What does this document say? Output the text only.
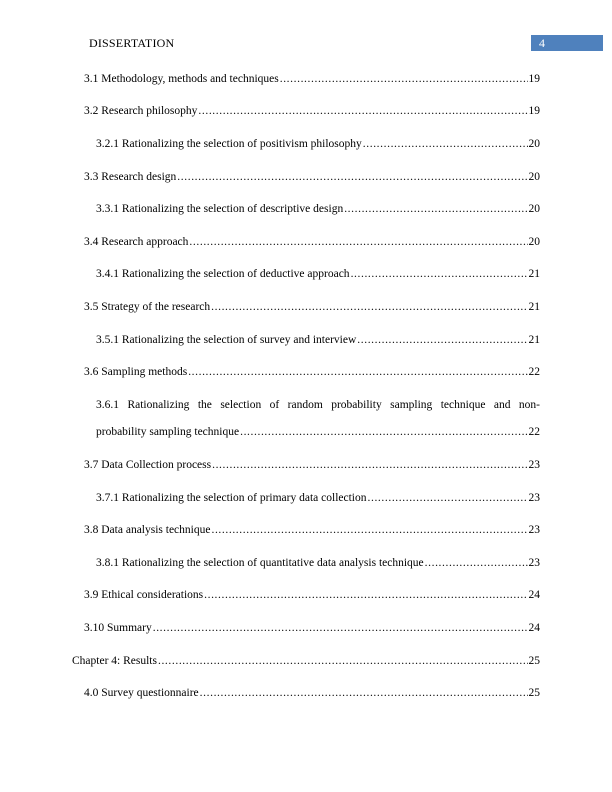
DISSERTATION	4
3.1 Methodology, methods and techniques .....	19
3.2 Research philosophy .....	19
3.2.1 Rationalizing the selection of positivism philosophy .....	20
3.3 Research design .....	20
3.3.1 Rationalizing the selection of descriptive design .....	20
3.4 Research approach .....	20
3.4.1 Rationalizing the selection of deductive approach .....	21
3.5 Strategy of the research .....	21
3.5.1 Rationalizing the selection of survey and interview .....	21
3.6 Sampling methods .....	22
3.6.1 Rationalizing the selection of random probability sampling technique and non-
probability sampling technique .....	22
3.7 Data Collection process .....	23
3.7.1 Rationalizing the selection of primary data collection .....	23
3.8 Data analysis technique .....	23
3.8.1 Rationalizing the selection of quantitative data analysis technique .....	23
3.9 Ethical considerations .....	24
3.10 Summary .....	24
Chapter 4: Results .....	25
4.0 Survey questionnaire .....	25
